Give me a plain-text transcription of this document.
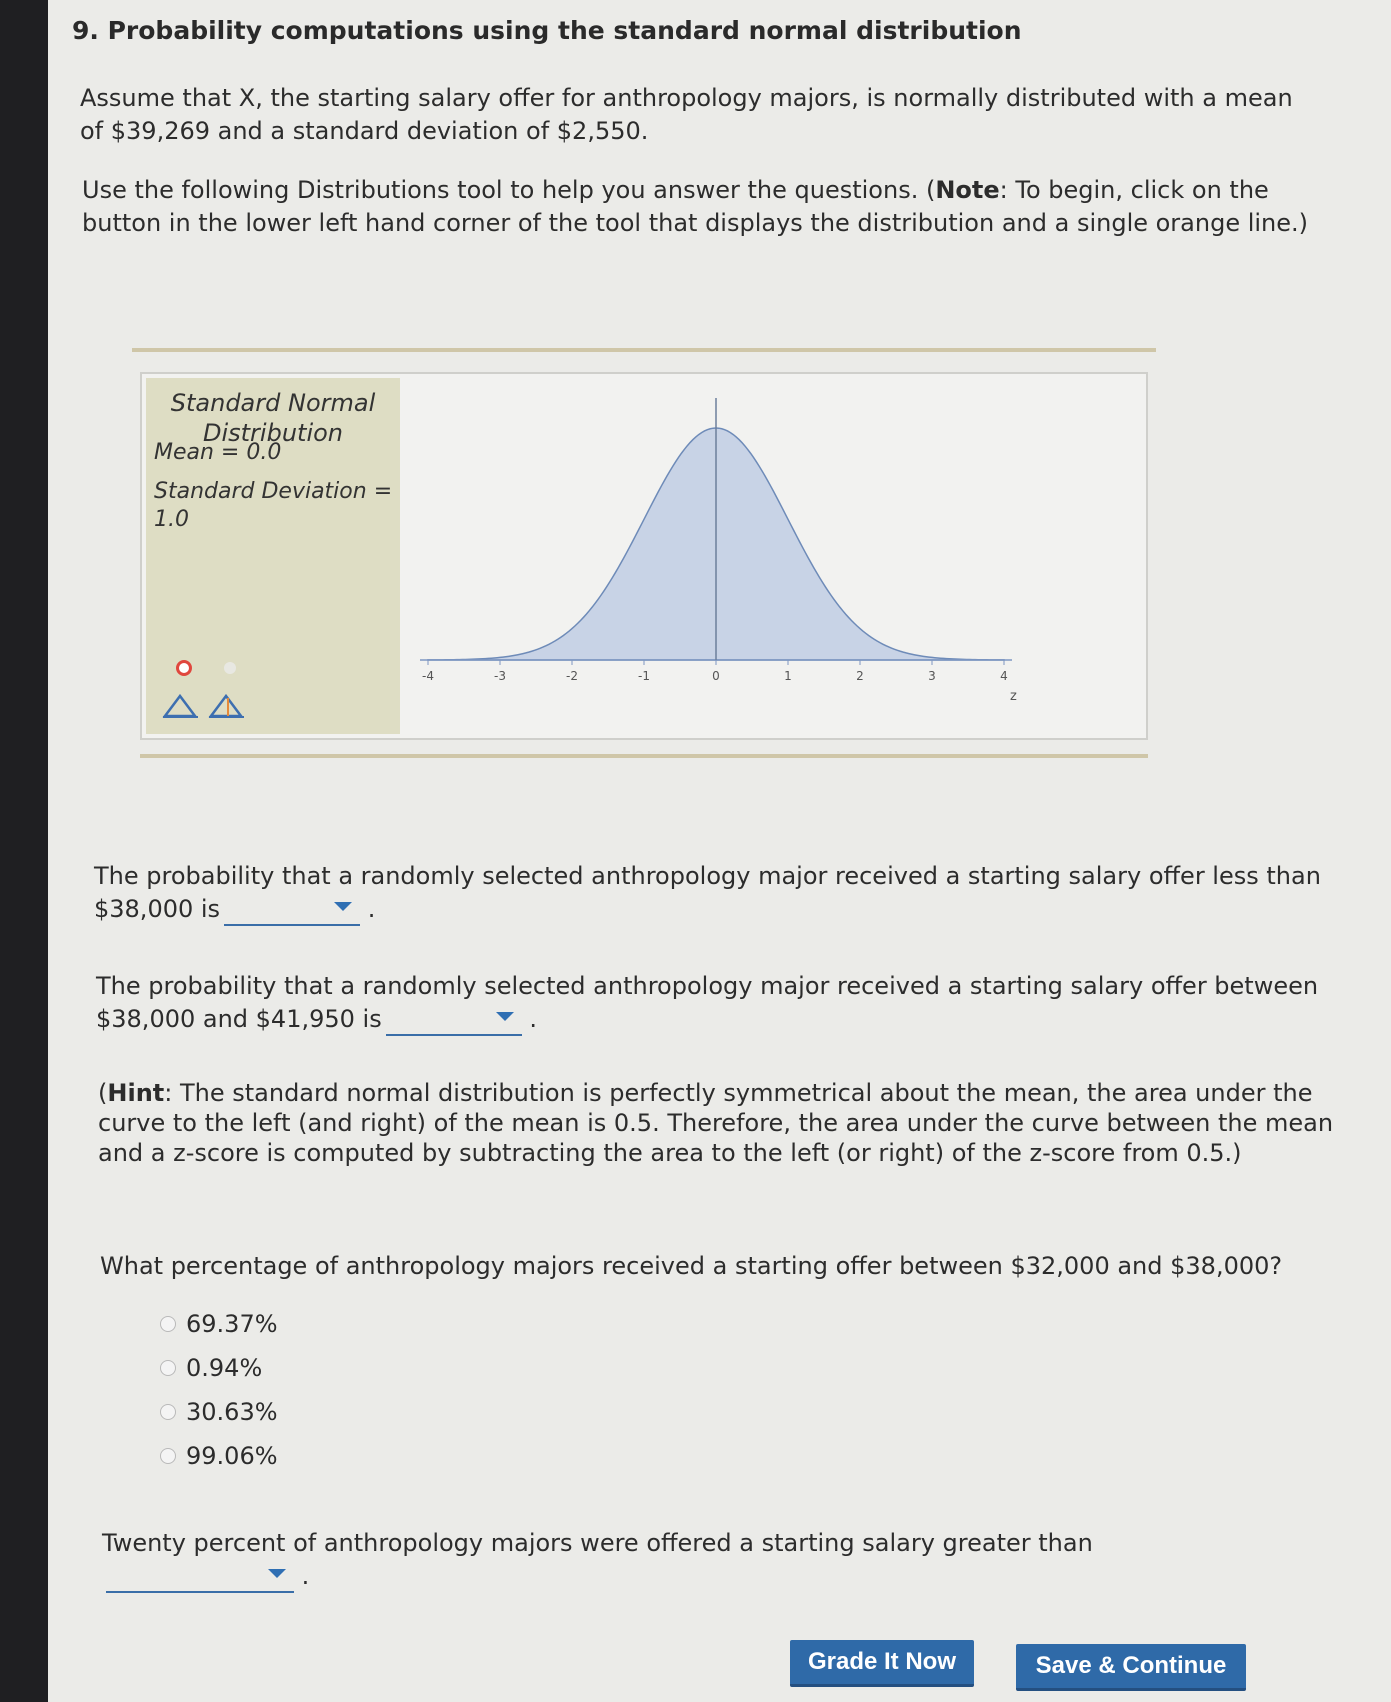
9. Probability computations using the standard normal distribution

Assume that X, the starting salary offer for anthropology majors, is normally distributed with a mean of $39,269 and a standard deviation of $2,550.

Use the following Distributions tool to help you answer the questions. (Note: To begin, click on the button in the lower left hand corner of the tool that displays the distribution and a single orange line.)

Standard Normal Distribution
Mean = 0.0
Standard Deviation = 1.0
-4	-3	-2	-1	0	1	2	3	4
z

The probability that a randomly selected anthropology major received a starting salary offer less than $38,000 is	.

The probability that a randomly selected anthropology major received a starting salary offer between $38,000 and $41,950 is	.

(Hint: The standard normal distribution is perfectly symmetrical about the mean, the area under the curve to the left (and right) of the mean is 0.5. Therefore, the area under the curve between the mean and a z-score is computed by subtracting the area to the left (or right) of the z-score from 0.5.)

What percentage of anthropology majors received a starting offer between $32,000 and $38,000?

69.37%
0.94%
30.63%
99.06%

Twenty percent of anthropology majors were offered a starting salary greater than
.

Grade It Now	Save & Continue
